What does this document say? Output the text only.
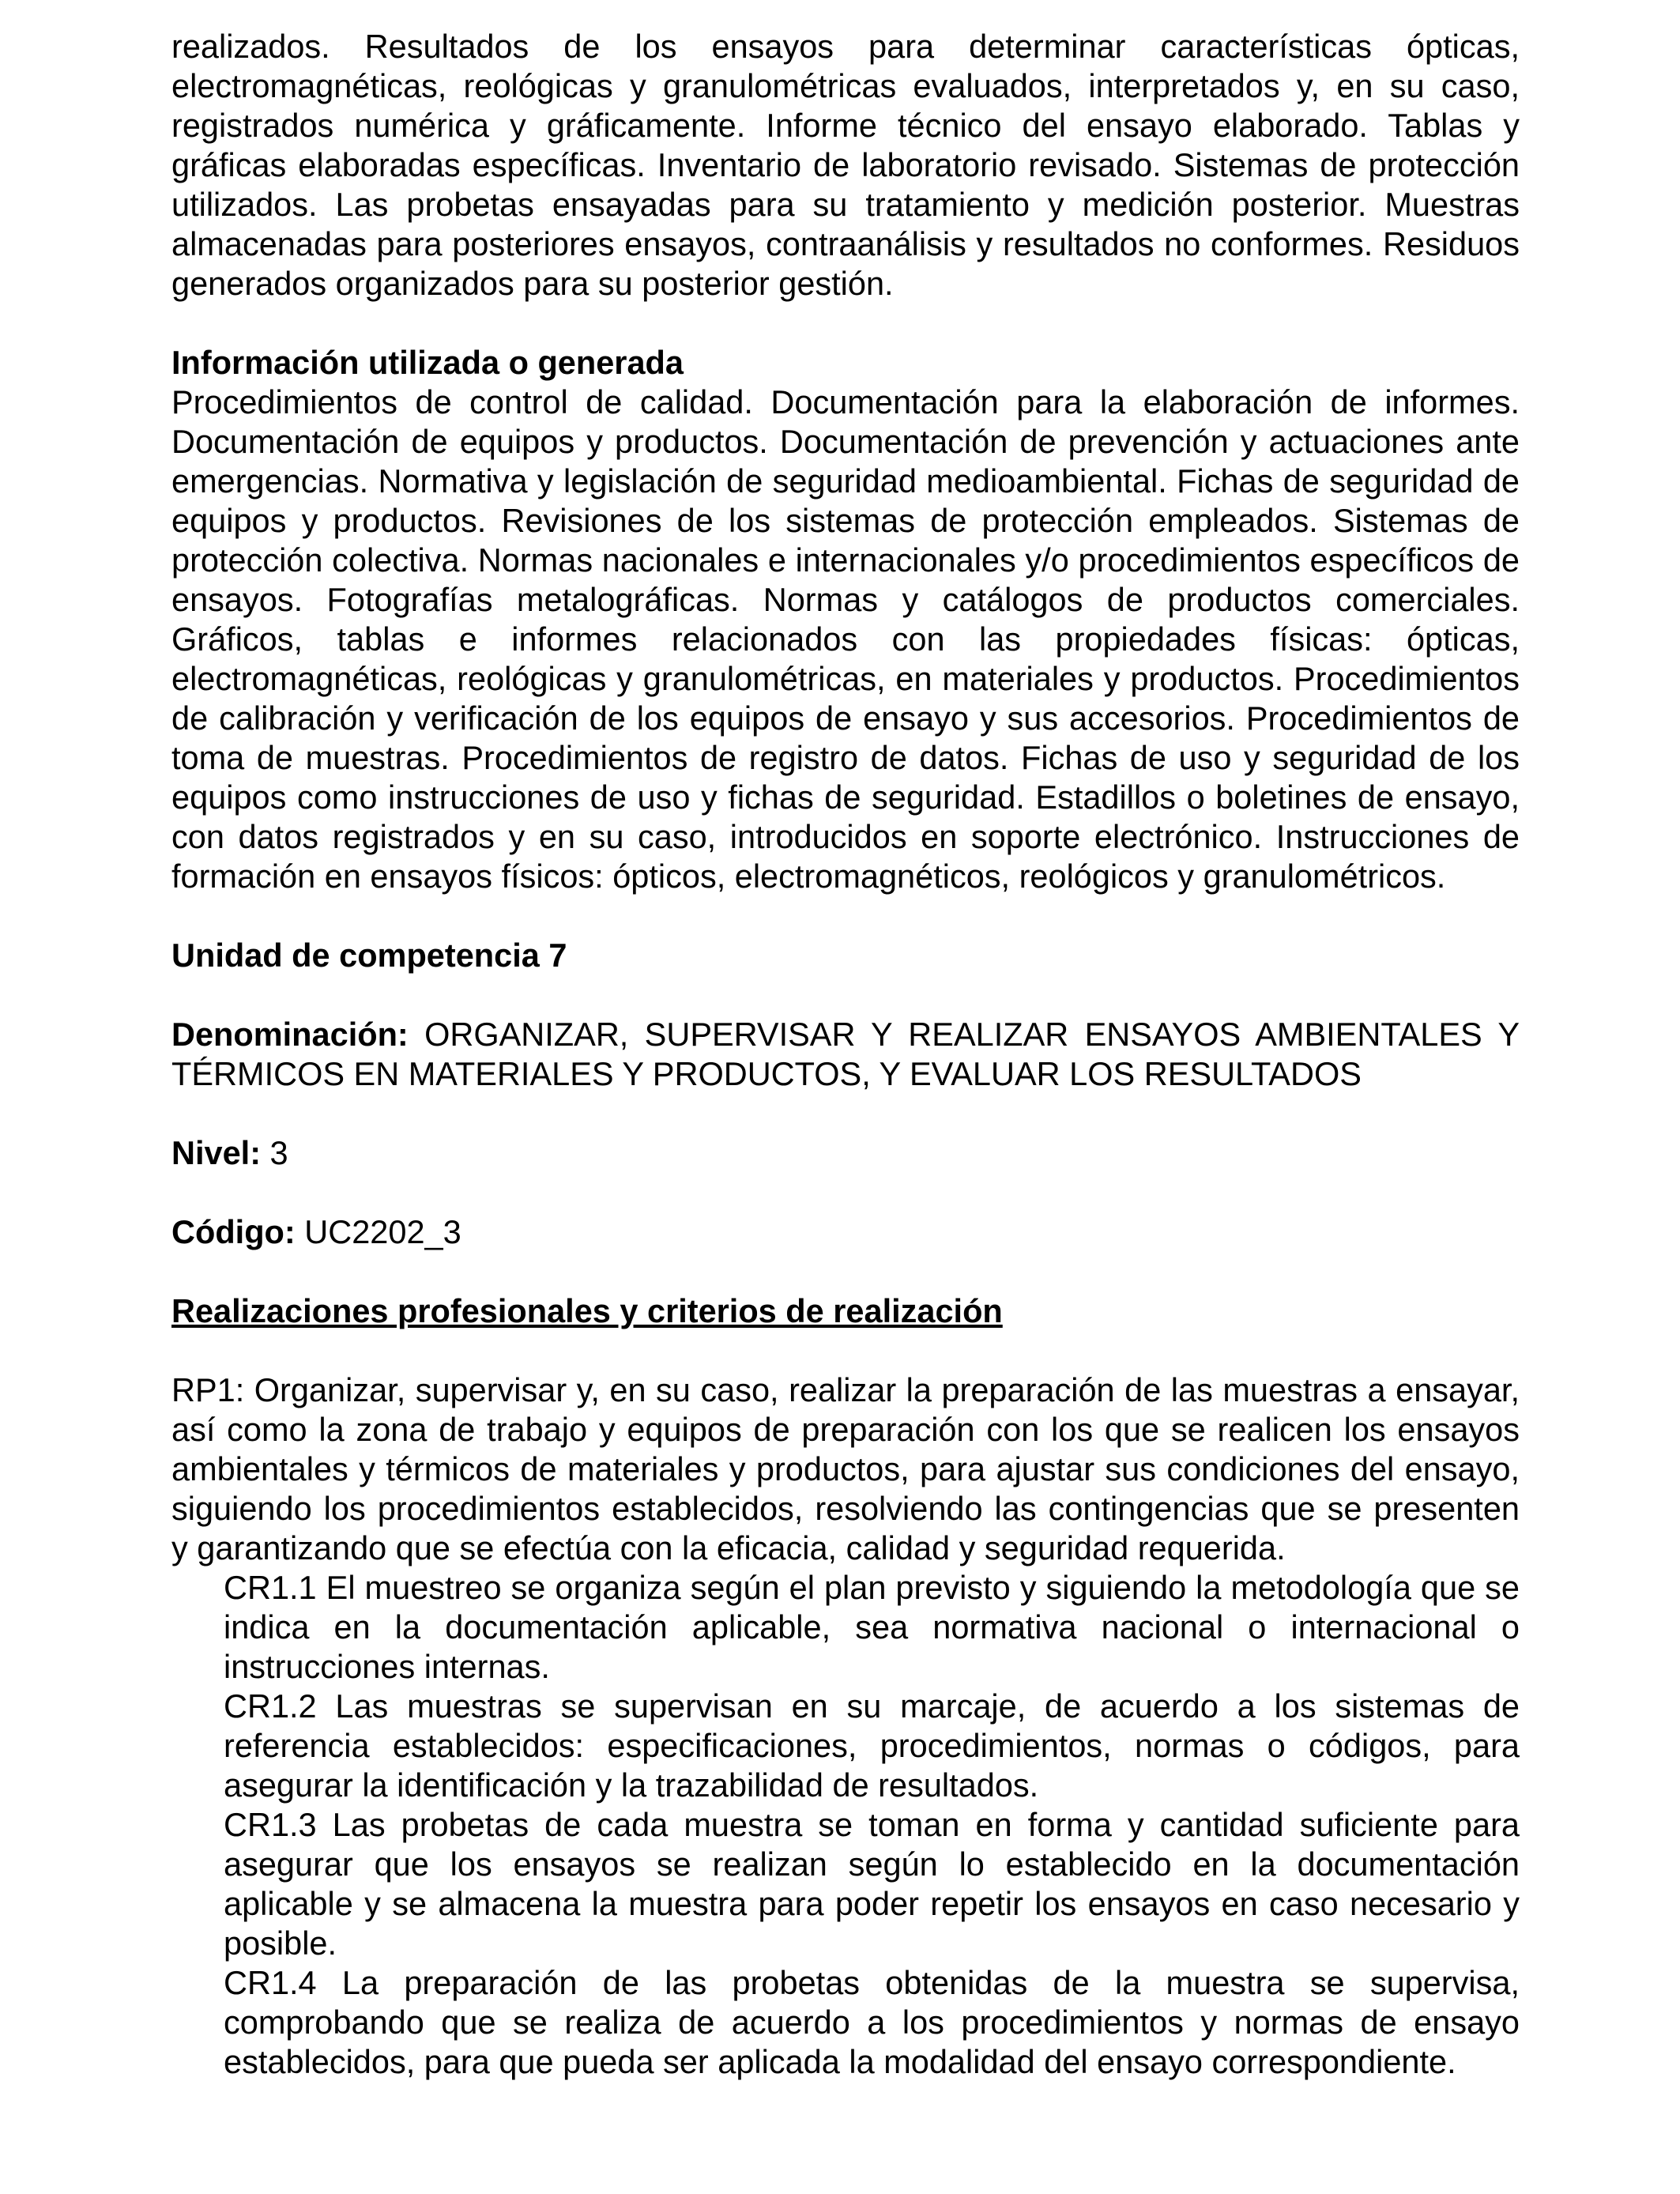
realizados. Resultados de los ensayos para determinar características ópticas, electromagnéticas, reológicas y granulométricas evaluados, interpretados y, en su caso, registrados numérica y gráficamente. Informe técnico del ensayo elaborado. Tablas y gráficas elaboradas específicas. Inventario de laboratorio revisado. Sistemas de protección utilizados. Las probetas ensayadas para su tratamiento y medición posterior. Muestras almacenadas para posteriores ensayos, contraanálisis y resultados no conformes. Residuos generados organizados para su posterior gestión.

Información utilizada o generada

Procedimientos de control de calidad. Documentación para la elaboración de informes. Documentación de equipos y productos. Documentación de prevención y actuaciones ante emergencias. Normativa y legislación de seguridad medioambiental. Fichas de seguridad de equipos y productos. Revisiones de los sistemas de protección empleados. Sistemas de protección colectiva. Normas nacionales e internacionales y/o procedimientos específicos de ensayos. Fotografías metalográficas. Normas y catálogos de productos comerciales. Gráficos, tablas e informes relacionados con las propiedades físicas: ópticas, electromagnéticas, reológicas y granulométricas, en materiales y productos. Procedimientos de calibración y verificación de los equipos de ensayo y sus accesorios. Procedimientos de toma de muestras. Procedimientos de registro de datos. Fichas de uso y seguridad de los equipos como instrucciones de uso y fichas de seguridad. Estadillos o boletines de ensayo, con datos registrados y en su caso, introducidos en soporte electrónico. Instrucciones de formación en ensayos físicos: ópticos, electromagnéticos, reológicos y granulométricos.

Unidad de competencia 7

Denominación: ORGANIZAR, SUPERVISAR Y REALIZAR ENSAYOS AMBIENTALES Y TÉRMICOS EN MATERIALES Y PRODUCTOS, Y EVALUAR LOS RESULTADOS

Nivel: 3

Código: UC2202_3

Realizaciones profesionales y criterios de realización

RP1: Organizar, supervisar y, en su caso, realizar la preparación de las muestras a ensayar, así como la zona de trabajo y equipos de preparación con los que se realicen los ensayos ambientales y térmicos de materiales y productos, para ajustar sus condiciones del ensayo, siguiendo los procedimientos establecidos, resolviendo las contingencias que se presenten y garantizando que se efectúa con la eficacia, calidad y seguridad requerida.

CR1.1 El muestreo se organiza según el plan previsto y siguiendo la metodología que se indica en la documentación aplicable, sea normativa nacional o internacional o instrucciones internas.

CR1.2 Las muestras se supervisan en su marcaje, de acuerdo a los sistemas de referencia establecidos: especificaciones, procedimientos, normas o códigos, para asegurar la identificación y la trazabilidad de resultados.

CR1.3 Las probetas de cada muestra se toman en forma y cantidad suficiente para asegurar que los ensayos se realizan según lo establecido en la documentación aplicable y se almacena la muestra para poder repetir los ensayos en caso necesario y posible.

CR1.4 La preparación de las probetas obtenidas de la muestra se supervisa, comprobando que se realiza de acuerdo a los procedimientos y normas de ensayo establecidos, para que pueda ser aplicada la modalidad del ensayo correspondiente.
